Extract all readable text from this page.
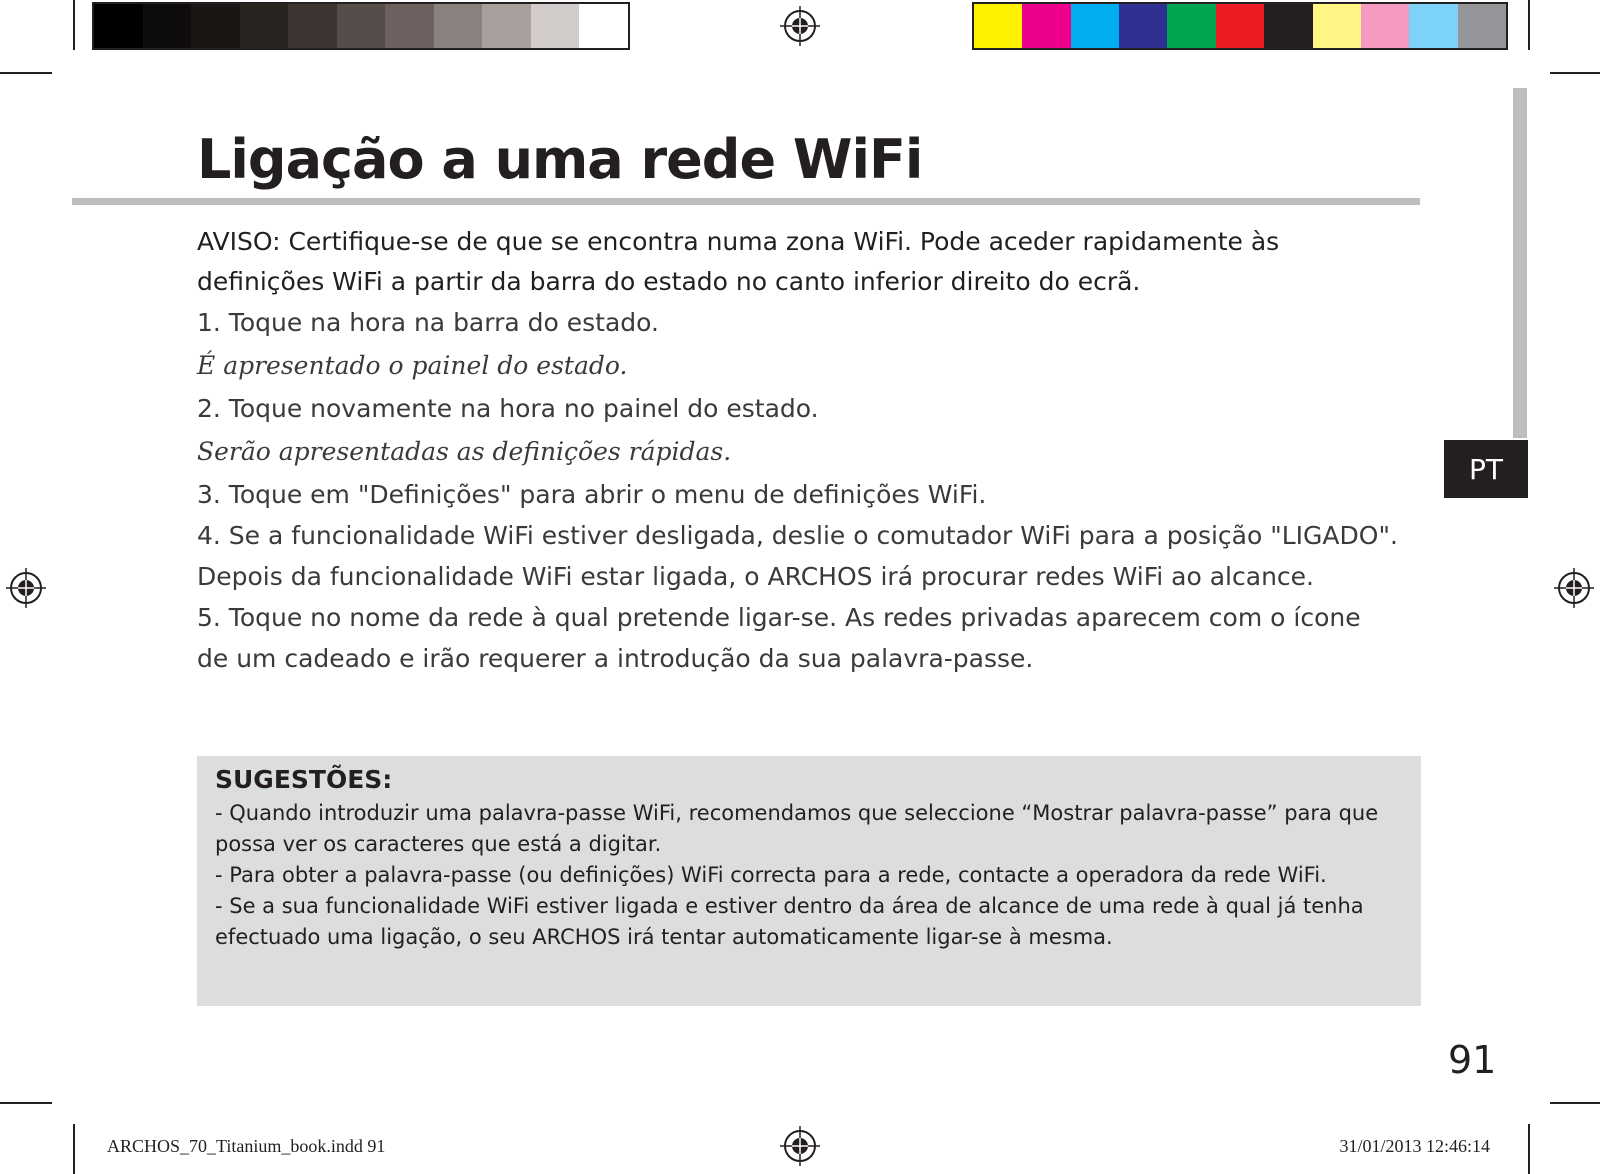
PT
Ligação a uma rede WiFi

AVISO: Certifique-se de que se encontra numa zona WiFi. Pode aceder rapidamente às definições WiFi a partir da barra do estado no canto inferior direito do ecrã.

1. Toque na hora na barra do estado.

É apresentado o painel do estado.

2. Toque novamente na hora no painel do estado.

Serão apresentadas as definições rápidas.

3. Toque em "Definições" para abrir o menu de definições WiFi.

4. Se a funcionalidade WiFi estiver desligada, deslie o comutador WiFi para a posição "LIGADO".

Depois da funcionalidade WiFi estar ligada, o ARCHOS irá procurar redes WiFi ao alcance.

5. Toque no nome da rede à qual pretende ligar-se. As redes privadas aparecem com o ícone

de um cadeado e irão requerer a introdução da sua palavra-passe.

SUGESTÕES:

- Quando introduzir uma palavra-passe WiFi, recomendamos que seleccione “Mostrar palavra-passe” para que possa ver os caracteres que está a digitar.

- Para obter a palavra-passe (ou definições) WiFi correcta para a rede, contacte a operadora da rede WiFi.

- Se a sua funcionalidade WiFi estiver ligada e estiver dentro da área de alcance de uma rede à qual já tenha efectuado uma ligação, o seu ARCHOS irá tentar automaticamente ligar-se à mesma.

91
ARCHOS_70_Titanium_book.indd 91	31/01/2013 12:46:14
